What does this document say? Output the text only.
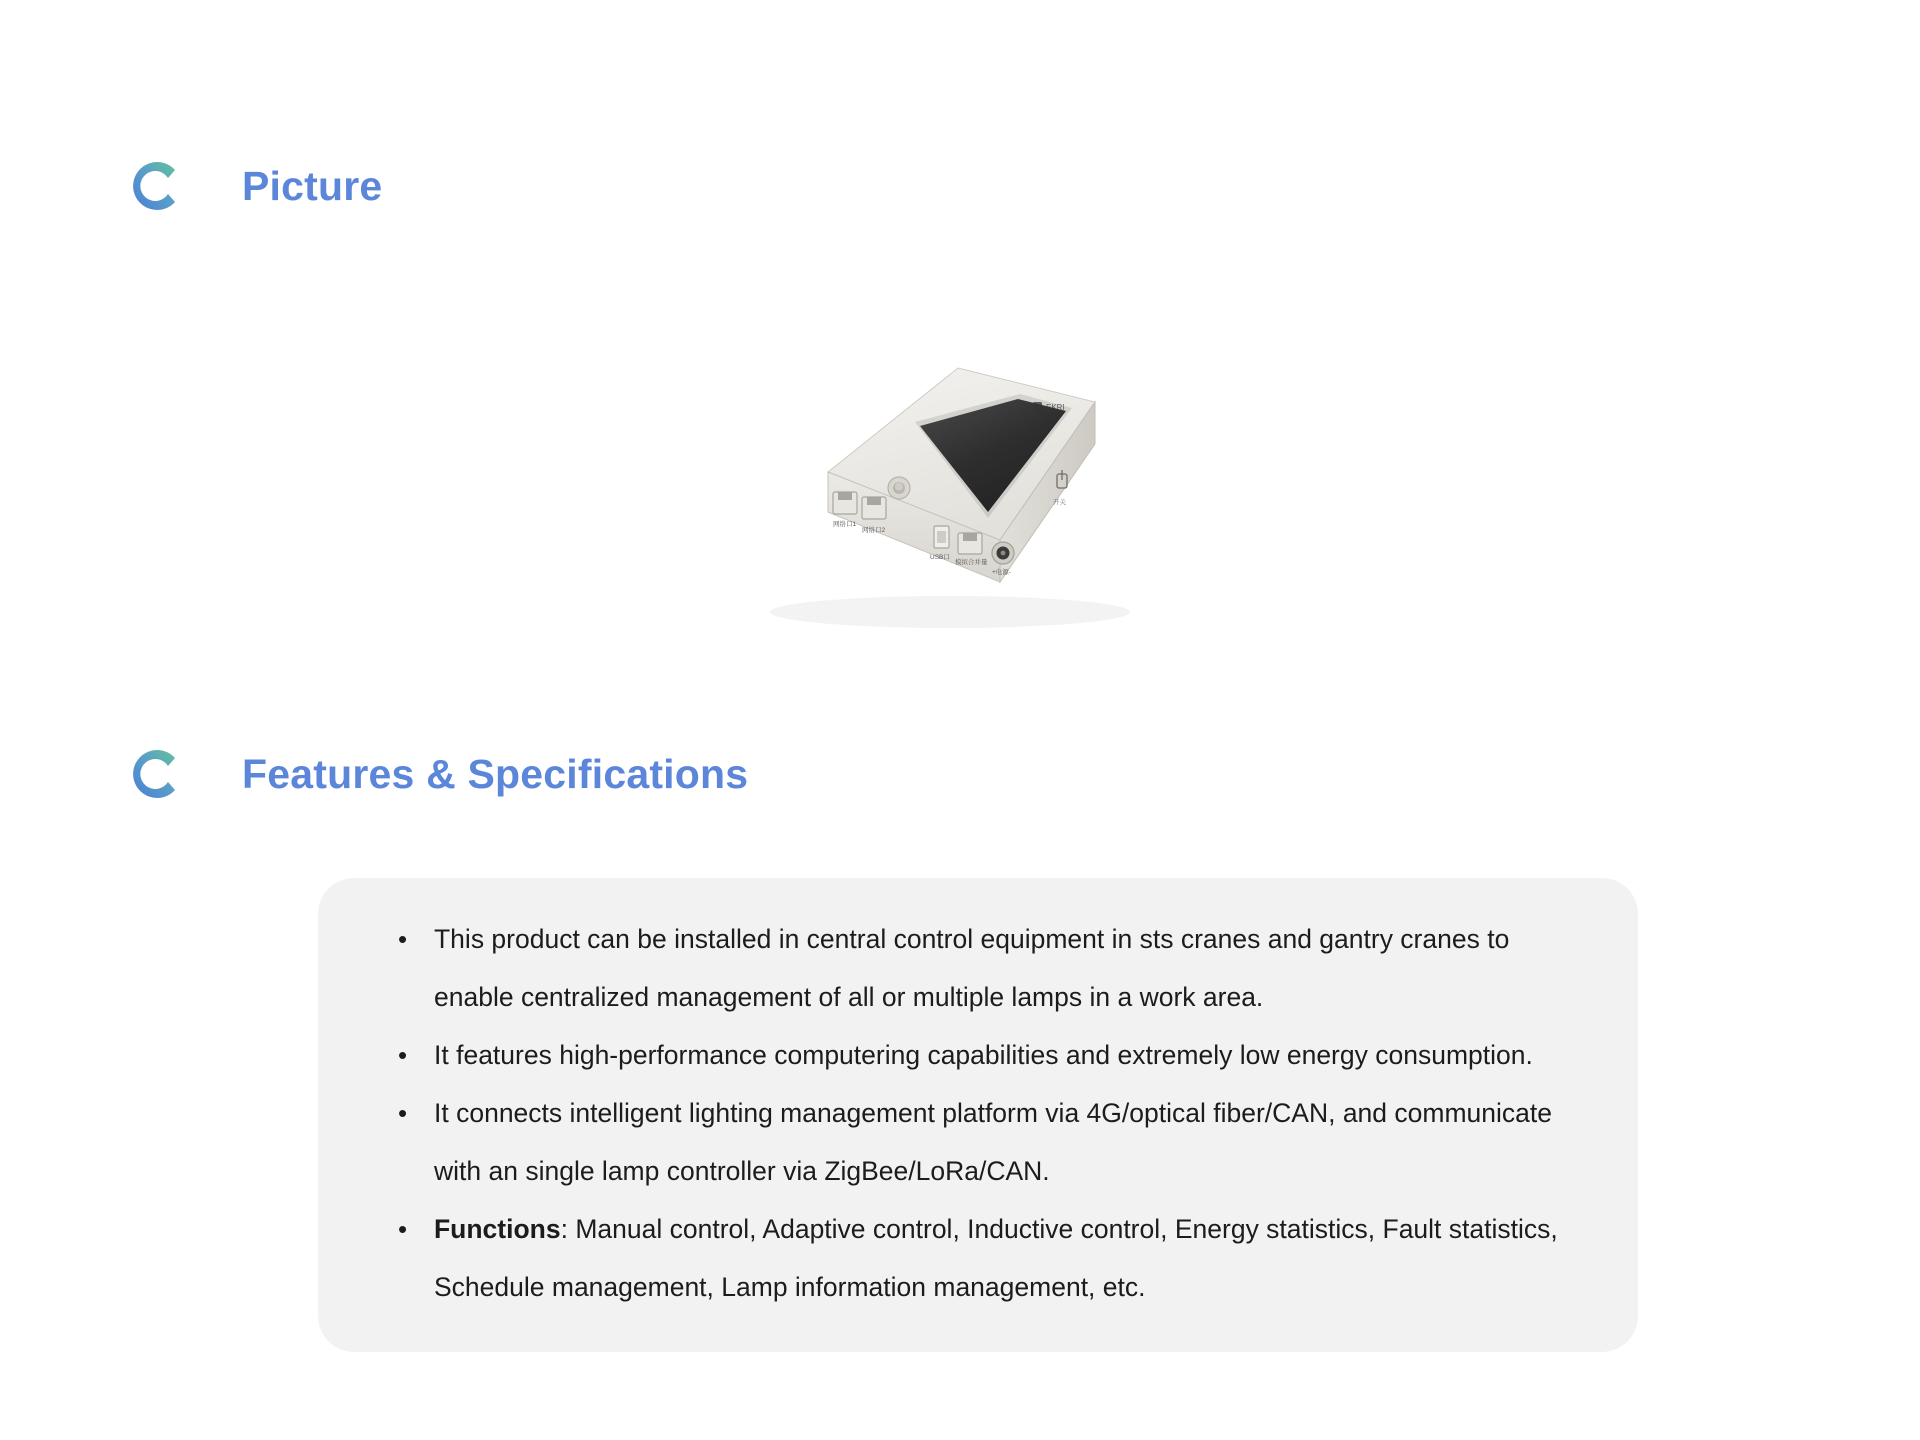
Picture
EKRI
网络口1
网络口2
USB口
模拟合并量
+电源-
开关
Features & Specifications
• This product can be installed in central control equipment in sts cranes and gantry cranes to enable centralized management of all or multiple lamps in a work area.
• It features high-performance computering capabilities and extremely low energy consumption.
• It connects intelligent lighting management platform via 4G/optical fiber/CAN, and communicate with an single lamp controller via ZigBee/LoRa/CAN.
• Functions: Manual control, Adaptive control, Inductive control, Energy statistics, Fault statistics, Schedule management, Lamp information management, etc.
